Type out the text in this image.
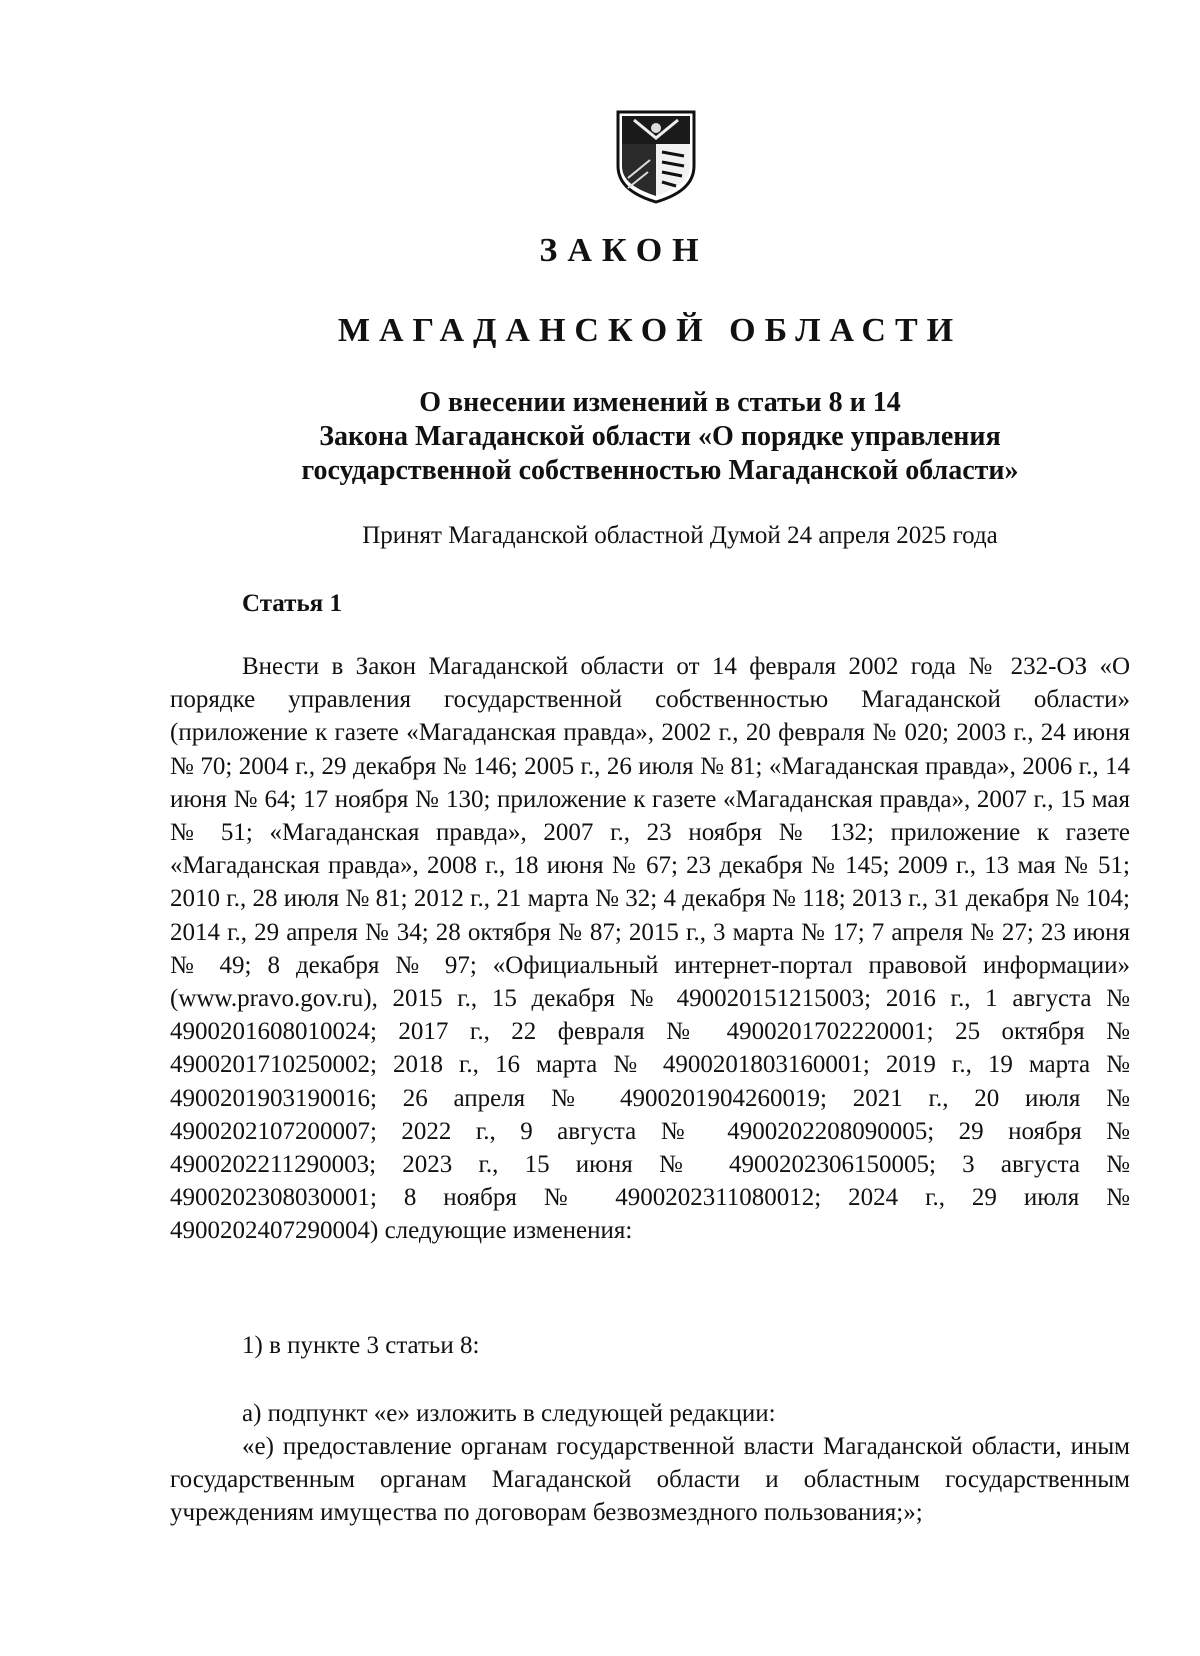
ЗАКОН
МАГАДАНСКОЙ ОБЛАСТИ
О внесении изменений в статьи 8 и 14
Закона Магаданской области «О порядке управления
государственной собственностью Магаданской области»
Принят Магаданской областной Думой 24 апреля 2025 года
Статья 1

Внести в Закон Магаданской области от 14 февраля 2002 года № 232-ОЗ «О порядке управления государственной собственностью Магаданской области» (приложение к газете «Магаданская правда», 2002 г., 20 февраля № 020; 2003 г., 24 июня № 70; 2004 г., 29 декабря № 146; 2005 г., 26 июля № 81; «Магаданская правда», 2006 г., 14 июня № 64; 17 ноября № 130; приложение к газете «Магаданская правда», 2007 г., 15 мая № 51; «Магаданская правда», 2007 г., 23 ноября № 132; приложение к газете «Магаданская правда», 2008 г., 18 июня № 67; 23 декабря № 145; 2009 г., 13 мая № 51; 2010 г., 28 июля № 81; 2012 г., 21 марта № 32; 4 декабря № 118; 2013 г., 31 декабря № 104; 2014 г., 29 апреля № 34; 28 октября № 87; 2015 г., 3 марта № 17; 7 апреля № 27; 23 июня № 49; 8 декабря № 97; «Официальный интернет-портал правовой информации» (www.pravo.gov.ru), 2015 г., 15 декабря № 490020151215003; 2016 г., 1 августа № 4900201608010024; 2017 г., 22 февраля № 4900201702220001; 25 октября № 4900201710250002; 2018 г., 16 марта № 4900201803160001; 2019 г., 19 марта № 4900201903190016; 26 апреля № 4900201904260019; 2021 г., 20 июля № 4900202107200007; 2022 г., 9 августа № 4900202208090005; 29 ноября № 4900202211290003; 2023 г., 15 июня № 4900202306150005; 3 августа № 4900202308030001; 8 ноября № 4900202311080012; 2024 г., 29 июля № 4900202407290004) следующие изменения:

1) в пункте 3 статьи 8:

а) подпункт «е» изложить в следующей редакции:

«е) предоставление органам государственной власти Магаданской области, иным государственным органам Магаданской области и областным государственным учреждениям имущества по договорам безвозмездного пользования;»;
